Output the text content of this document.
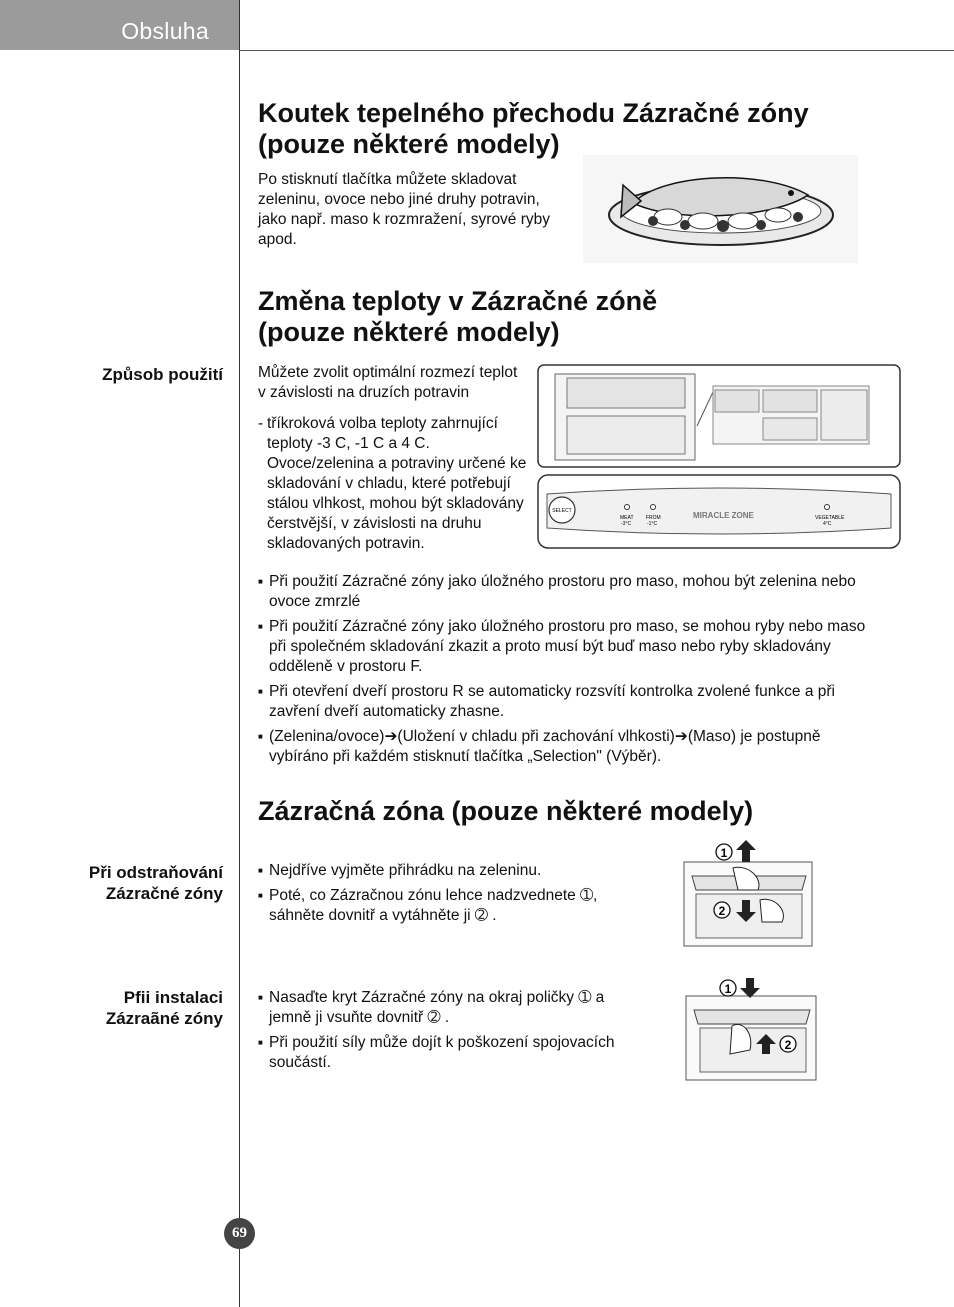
Obsluha
Koutek tepelného přechodu Zázračné zóny
(pouze některé modely)
Po stisknutí tlačítka můžete skladovat zeleninu, ovoce nebo jiné druhy potravin, jako např. maso k rozmražení, syrové ryby apod.
Změna teploty v Zázračné zóně
(pouze některé modely)
Způsob použití Můžete zvolit optimální rozmezí teplot v závislosti na druzích potravin
- tříkroková volba teploty zahrnující teploty -3 C, -1 C a 4 C. Ovoce/zelenina a potraviny určené ke skladování v chladu, které potřebují stálou vlhkost, mohou být skladovány čerstvější, v závislosti na druhu skladovaných potravin.
SELECT
MEAT
-3°C
FROM
-1°C
MIRACLE ZONE	VEGETABLE
4°C
■ Při použití Zázračné zóny jako úložného prostoru pro maso, mohou být zelenina nebo ovoce zmrzlé
■ Při použití Zázračné zóny jako úložného prostoru pro maso, se mohou ryby nebo maso při společném skladování zkazit a proto musí být buď maso nebo ryby skladovány odděleně v prostoru F.
■ Při otevření dveří prostoru R se automaticky rozsvítí kontrolka zvolené funkce a při zavření dveří automaticky zhasne.
■ (Zelenina/ovoce)➔(Uložení v chladu při zachování vlhkosti)➔(Maso) je postupně vybíráno při každém stisknutí tlačítka „Selection" (Výběr).
Zázračná zóna (pouze některé modely)
Při odstraňování
Zázračné zóny
■ Nejdříve vyjměte přihrádku na zeleninu.
■ Poté, co Zázračnou zónu lehce nadzvednete ➀, sáhněte dovnitř a vytáhněte ji ➁ .
1
2
Pfii instalaci
Zázraãné zóny
■ Nasaďte kryt Zázračné zóny na okraj poličky ➀ a jemně ji vsuňte dovnitř ➁ .
■ Při použití síly může dojít k poškození spojovacích součástí.
1
2
69
